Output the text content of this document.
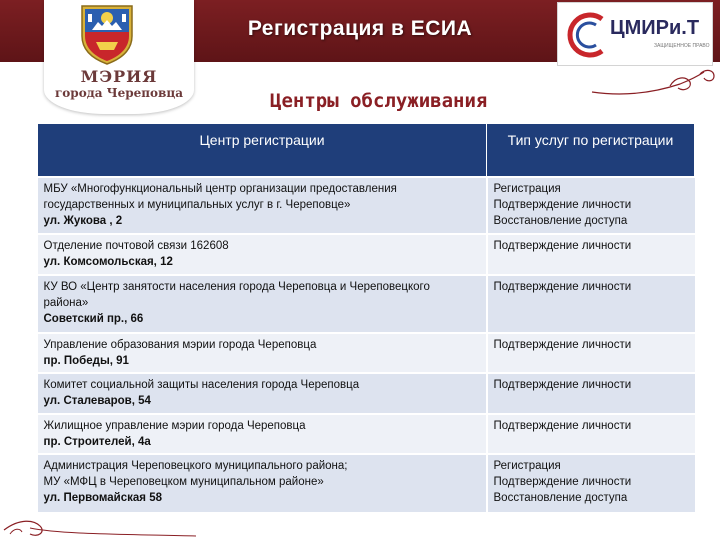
МЭРИЯ
города Череповца
Регистрация в ЕСИА	ЦМИРи.Т
ЗАЩИЩЕННОЕ ПРАВО
Центры обслуживания
Центр регистрации	Тип услуг по регистрации

МБУ «Многофункциональный центр организации предоставления
государственных и муниципальных услуг в г. Череповце»
ул. Жукова , 2	Регистрация
Подтверждение личности
Восстановление доступа

Отделение почтовой связи 162608
ул. Комсомольская, 12	Подтверждение личности

КУ ВО «Центр занятости населения города Череповца и Череповецкого
района»
Советский пр., 66	Подтверждение личности

Управление образования мэрии города Череповца
пр. Победы, 91	Подтверждение личности

Комитет социальной защиты населения города Череповца
ул. Сталеваров, 54	Подтверждение личности

Жилищное управление мэрии города Череповца
пр. Строителей, 4а	Подтверждение личности

Администрация Череповецкого муниципального района;
МУ «МФЦ в Череповецком муниципальном районе»
ул. Первомайская 58	Регистрация
Подтверждение личности
Восстановление доступа
